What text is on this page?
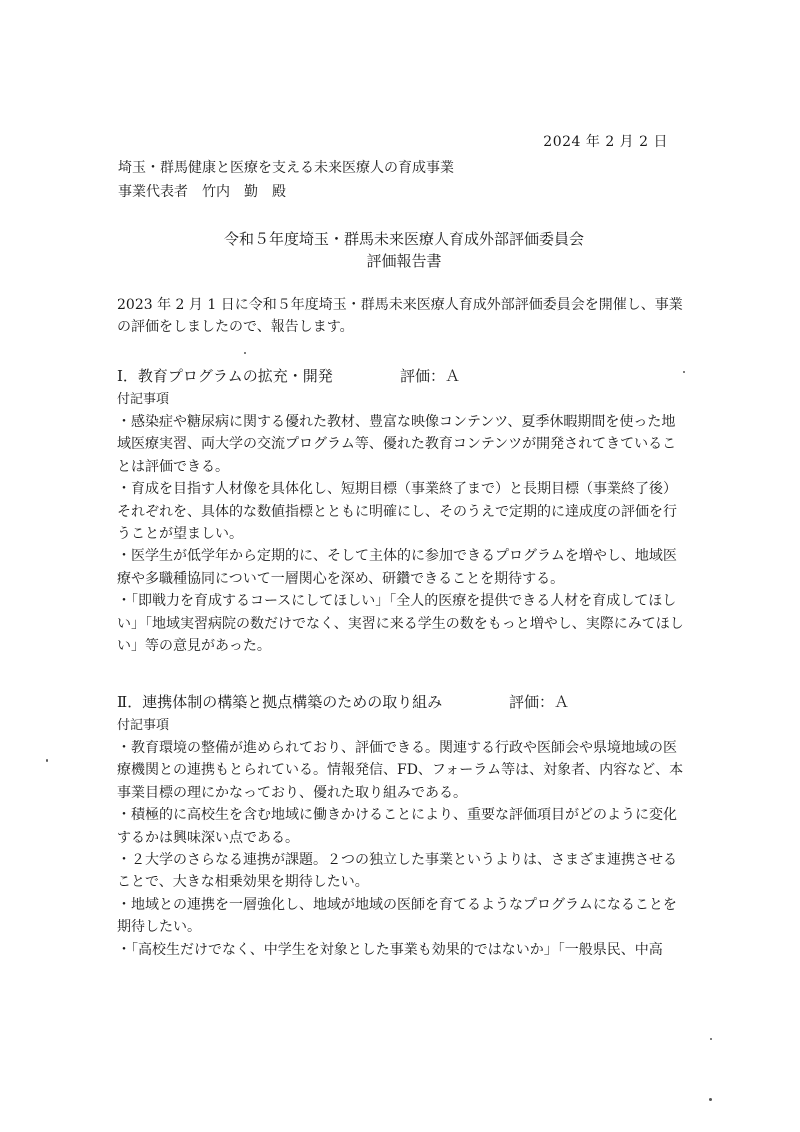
2024 年 2 月 2 日

埼玉・群馬健康と医療を支える未来医療人の育成事業

事業代表者　竹内　勤　殿

令和５年度埼玉・群馬未来医療人育成外部評価委員会

評価報告書

2023 年 2 月 1 日に令和５年度埼玉・群馬未来医療人育成外部評価委員会を開催し、事業の評価をしましたので、報告します。
Ⅰ．教育プログラムの拡充・開発	評価：Ａ
付記事項

・感染症や糖尿病に関する優れた教材、豊富な映像コンテンツ、夏季休暇期間を使った地域医療実習、両大学の交流プログラム等、優れた教育コンテンツが開発されてきていることは評価できる。

・育成を目指す人材像を具体化し、短期目標（事業終了まで）と長期目標（事業終了後）それぞれを、具体的な数値指標とともに明確にし、そのうえで定期的に達成度の評価を行うことが望ましい。

・医学生が低学年から定期的に、そして主体的に参加できるプログラムを増やし、地域医療や多職種協同について一層関心を深め、研鑽できることを期待する。

・「即戦力を育成するコースにしてほしい」「全人的医療を提供できる人材を育成してほしい」「地域実習病院の数だけでなく、実習に来る学生の数をもっと増やし、実際にみてほしい」等の意見があった。

Ⅱ．連携体制の構築と拠点構築のための取り組み	評価：Ａ
付記事項

・教育環境の整備が進められており、評価できる。関連する行政や医師会や県境地域の医療機関との連携もとられている。情報発信、FD、フォーラム等は、対象者、内容など、本事業目標の理にかなっており、優れた取り組みである。

・積極的に高校生を含む地域に働きかけることにより、重要な評価項目がどのように変化するかは興味深い点である。

・２大学のさらなる連携が課題。２つの独立した事業というよりは、さまざま連携させることで、大きな相乗効果を期待したい。

・地域との連携を一層強化し、地域が地域の医師を育てるようなプログラムになることを期待したい。

・「高校生だけでなく、中学生を対象とした事業も効果的ではないか」「一般県民、中高
